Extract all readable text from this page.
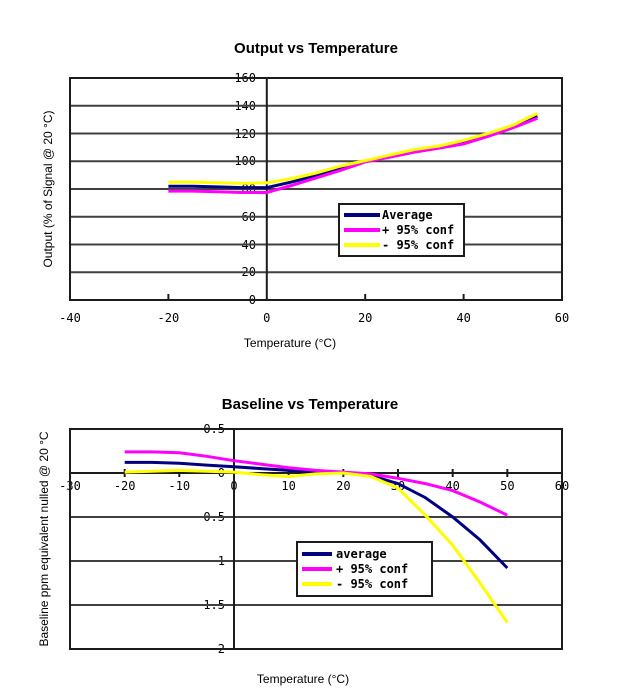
160
140
120
100
80
60
40
20
0
-40	-20	0	20	40	60
0.5
0
0.5
1
1.5
2
-30	-20	-10	0	10	20	30	40	50	60
Output vs Temperature
Output (% of Signal @ 20 °C)
Temperature (°C)
Average
+ 95% conf
- 95% conf
Baseline vs Temperature
Baseline ppm equivalent nulled @ 20 °C
Temperature (°C)
average
+ 95% conf
- 95% conf
